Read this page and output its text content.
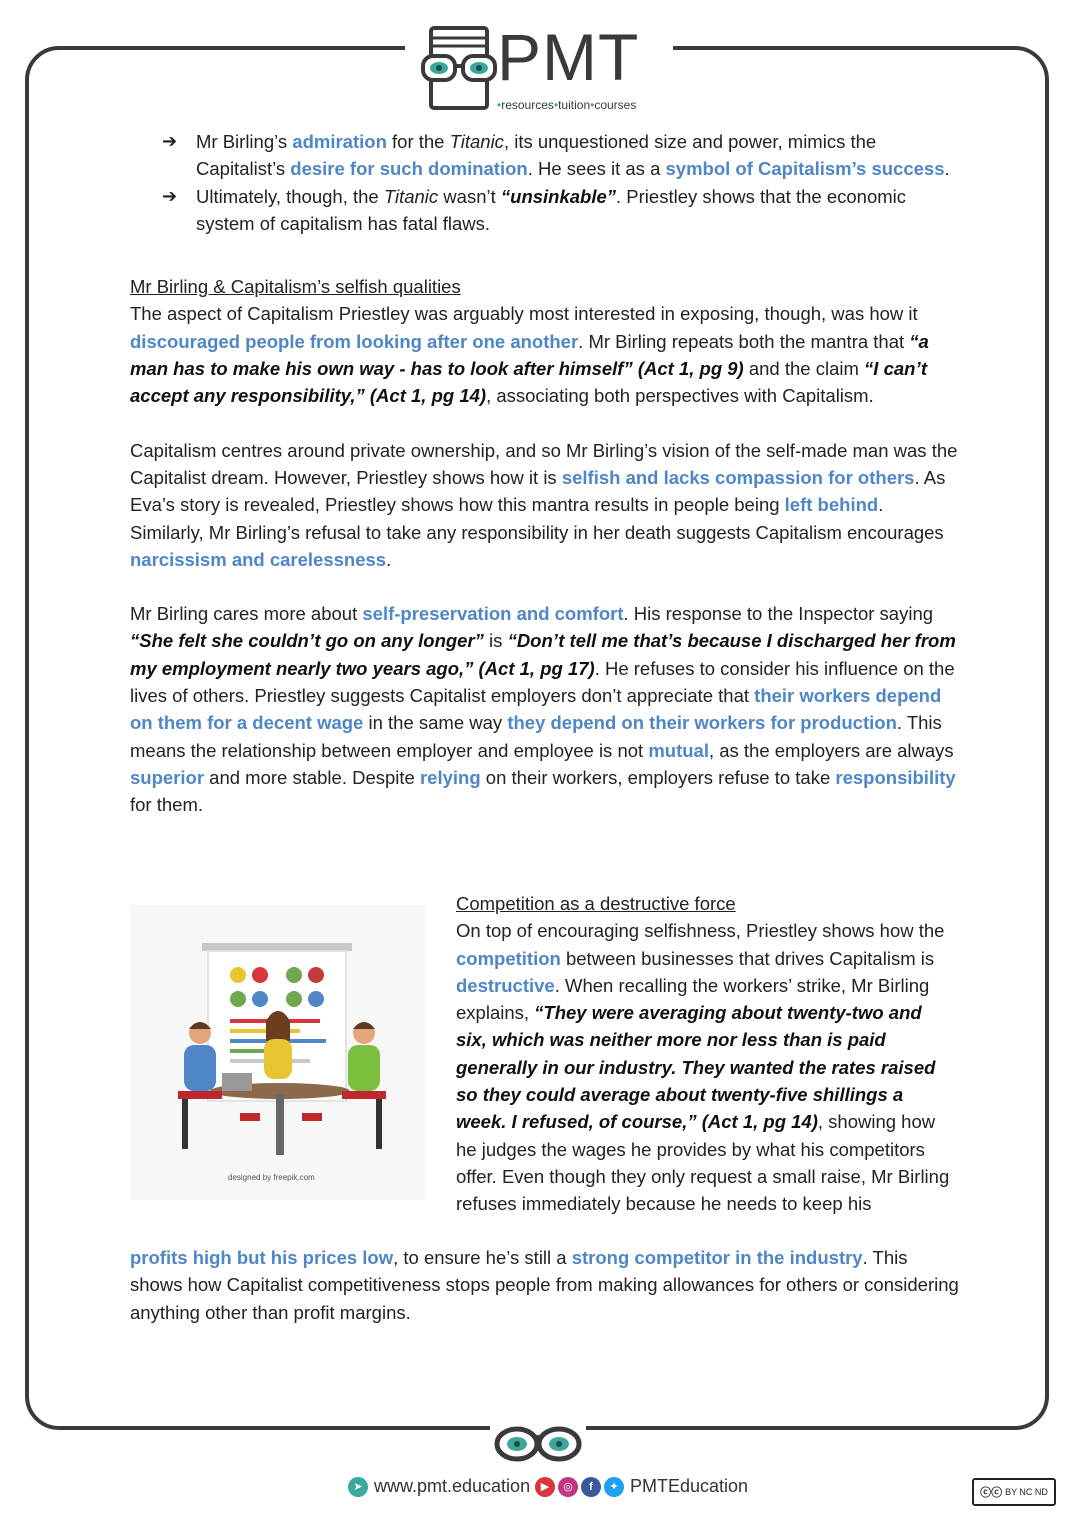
PMT
•resources•tuition•courses
➔ Mr Birling’s admiration for the Titanic, its unquestioned size and power, mimics the Capitalist’s desire for such domination. He sees it as a symbol of Capitalism’s success.
➔ Ultimately, though, the Titanic wasn’t “unsinkable”. Priestley shows that the economic system of capitalism has fatal flaws.

Mr Birling & Capitalism’s selfish qualities

The aspect of Capitalism Priestley was arguably most interested in exposing, though, was how it discouraged people from looking after one another. Mr Birling repeats both the mantra that “a man has to make his own way - has to look after himself” (Act 1, pg 9) and the claim “I can’t accept any responsibility,” (Act 1, pg 14), associating both perspectives with Capitalism.

Capitalism centres around private ownership, and so Mr Birling’s vision of the self-made man was the Capitalist dream. However, Priestley shows how it is selfish and lacks compassion for others. As Eva’s story is revealed, Priestley shows how this mantra results in people being left behind. Similarly, Mr Birling’s refusal to take any responsibility in her death suggests Capitalism encourages narcissism and carelessness.

Mr Birling cares more about self-preservation and comfort. His response to the Inspector saying “She felt she couldn’t go on any longer” is “Don’t tell me that’s because I discharged her from my employment nearly two years ago,” (Act 1, pg 17). He refuses to consider his influence on the lives of others. Priestley suggests Capitalist employers don’t appreciate that their workers depend on them for a decent wage in the same way they depend on their workers for production. This means the relationship between employer and employee is not mutual, as the employers are always superior and more stable. Despite relying on their workers, employers refuse to take responsibility for them.

designed by freepik.com

Competition as a destructive force

On top of encouraging selfishness, Priestley shows how the competition between businesses that drives Capitalism is destructive. When recalling the workers’ strike, Mr Birling explains, “They were averaging about twenty-two and six, which was neither more nor less than is paid generally in our industry. They wanted the rates raised so they could average about twenty-five shillings a week. I refused, of course,” (Act 1, pg 14), showing how he judges the wages he provides by what his competitors offer. Even though they only request a small raise, Mr Birling refuses immediately because he needs to keep his

profits high but his prices low, to ensure he’s still a strong competitor in the industry. This shows how Capitalist competitiveness stops people from making allowances for others or considering anything other than profit margins.

➤ www.pmt.education ▶	◎	f	✦ PMTEducation	ⓒⓒ BY NC ND
